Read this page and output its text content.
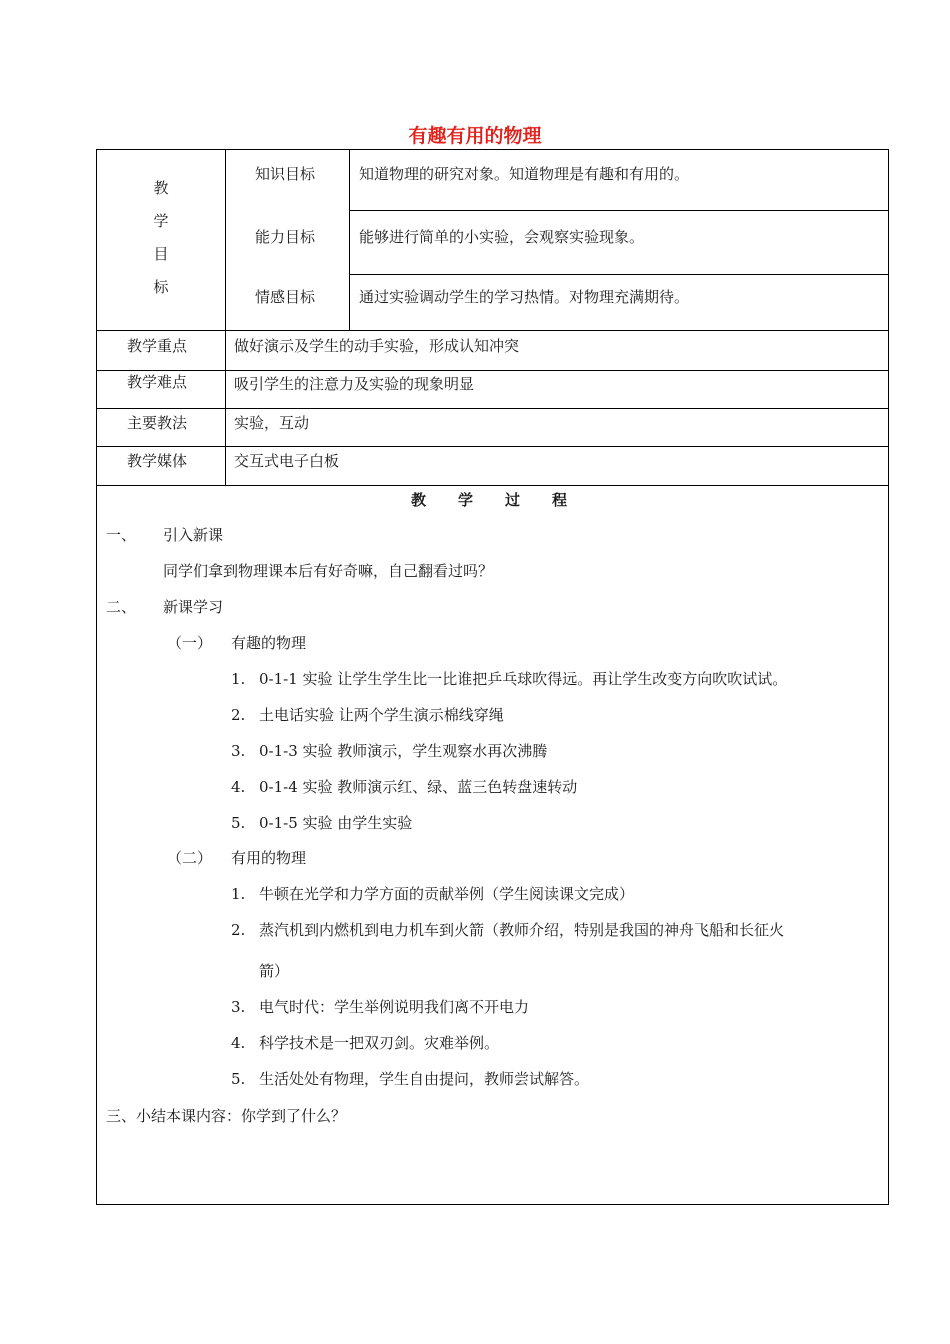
有趣有用的物理
教
学
目
标
知识目标	知道物理的研究对象。知道物理是有趣和有用的。
能力目标	能够进行简单的小实验，会观察实验现象。
情感目标	通过实验调动学生的学习热情。对物理充满期待。
教学重点	做好演示及学生的动手实验，形成认知冲突
教学难点	吸引学生的注意力及实验的现象明显
主要教法	实验，互动
教学媒体	交互式电子白板
教 学 过 程
一、 引入新课
同学们拿到物理课本后有好奇嘛，自己翻看过吗？
二、 新课学习
（一） 有趣的物理
1. 0-1-1 实验 让学生学生比一比谁把乒乓球吹得远。再让学生改变方向吹吹试试。
2. 土电话实验 让两个学生演示棉线穿绳
3. 0-1-3 实验 教师演示，学生观察水再次沸腾
4. 0-1-4 实验 教师演示红、绿、蓝三色转盘速转动
5. 0-1-5 实验 由学生实验
（二） 有用的物理
1. 牛顿在光学和力学方面的贡献举例（学生阅读课文完成）
2. 蒸汽机到内燃机到电力机车到火箭（教师介绍，特别是我国的神舟飞船和长征火
箭）
3. 电气时代：学生举例说明我们离不开电力
4. 科学技术是一把双刃剑。灾难举例。
5. 生活处处有物理，学生自由提问，教师尝试解答。
三、小结本课内容：你学到了什么？
